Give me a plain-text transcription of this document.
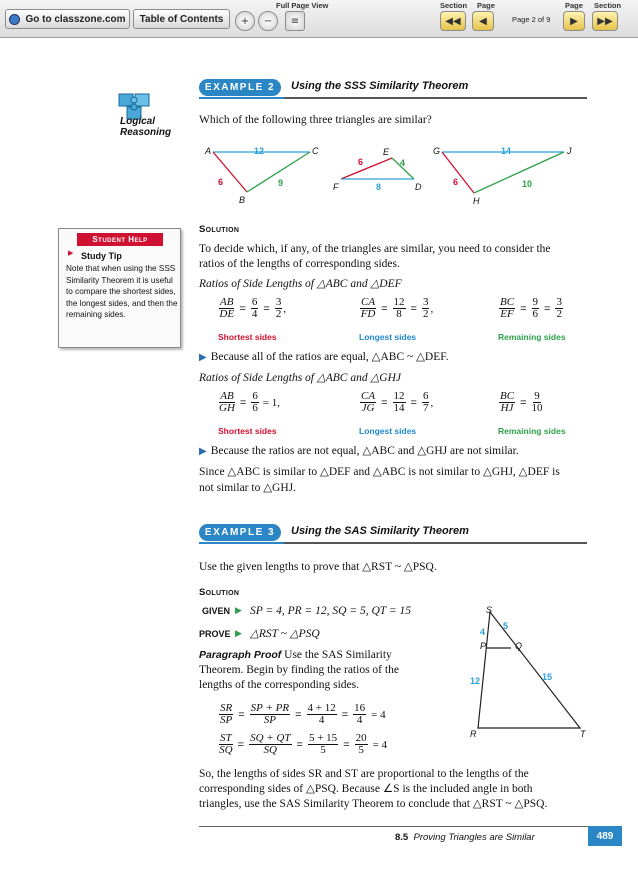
Go to classzone.com Table of Contents	+	−
Full Page View
≡
Section
◀◀
Page
◀	Page 2 of 9
Page
▶
Section
▶▶
Logical Reasoning
Student Help
▶ Study Tip
Note that when using the SSS Similarity Theorem it is useful to compare the shortest sides, the longest sides, and then the remaining sides.
EXAMPLE 2	Using the SSS Similarity Theorem
Which of the following three triangles are similar?
A
B
C
12
6	9
E
F	D
6	4
8
G
H
J
14
6	10
Solution
To decide which, if any, of the triangles are similar, you need to consider the
ratios of the lengths of corresponding sides.
Ratios of Side Lengths of △ABC and △DEF
$\frac{AB}{DE} = \frac{6}{4} = \frac{3}{2}$ ,	$\frac{CA}{FD} = \frac{12}{8} = \frac{3}{2}$ ,	$\frac{BC}{EF} = \frac{9}{6} = \frac{3}{2}$
Shortest sides	Longest sides	Remaining sides
▶ Because all of the ratios are equal, △ABC ~ △DEF.
Ratios of Side Lengths of △ABC and △GHJ
$\frac{AB}{GH} = \frac{6}{6} = 1$,	$\frac{CA}{JG} = \frac{12}{14} = \frac{6}{7}$ ,	$\frac{BC}{HJ} = \frac{9}{10}$
Shortest sides	Longest sides	Remaining sides
▶ Because the ratios are not equal, △ABC and △GHJ are not similar.
Since △ABC is similar to △DEF and △ABC is not similar to △GHJ, △DEF is
not similar to △GHJ.
EXAMPLE 3	Using the SAS Similarity Theorem
Use the given lengths to prove that △RST ~ △PSQ.
Solution
GIVEN ▶ SP = 4, PR = 12, SQ = 5, QT = 15
PROVE ▶ △RST ~ △PSQ
Paragraph Proof Use the SAS Similarity
Theorem. Begin by finding the ratios of the
lengths of the corresponding sides.
$\frac{SR}{SP} = \frac{SP + PR}{SP} = \frac{4 + 12}{4} = \frac{16}{4} = 4$
$\frac{ST}{SQ} = \frac{SQ + QT}{SQ} = \frac{5 + 15}{5} = \frac{20}{5} = 4$
S
P	Q
R	T
4
5
12	15
So, the lengths of sides SR and ST are proportional to the lengths of the
corresponding sides of △PSQ. Because ∠S is the included angle in both
triangles, use the SAS Similarity Theorem to conclude that △RST ~ △PSQ.
8.5 Proving Triangles are Similar	489
